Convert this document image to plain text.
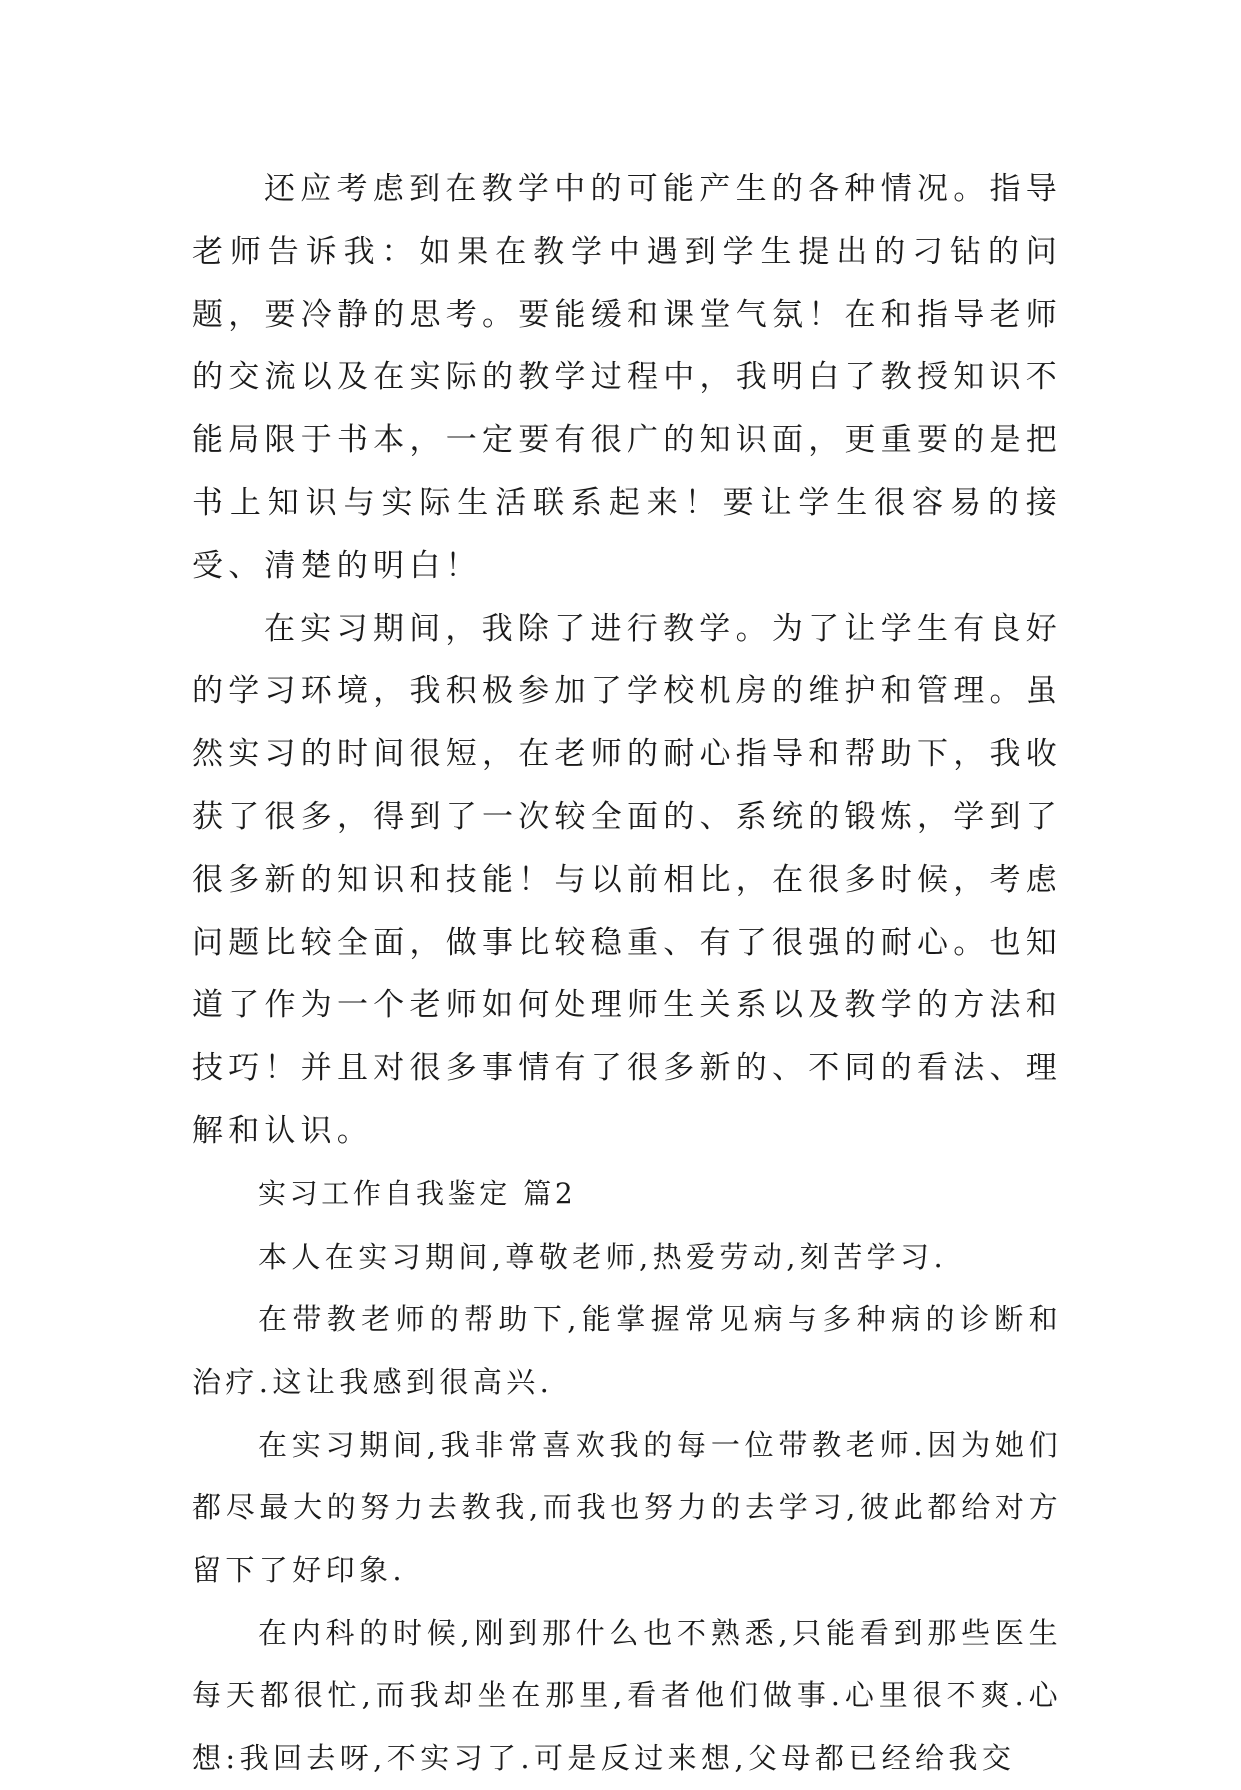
还应考虑到在教学中的可能产生的各种情况。指导老师告诉我：如果在教学中遇到学生提出的刁钻的问题，要冷静的思考。要能缓和课堂气氛！在和指导老师的交流以及在实际的教学过程中，我明白了教授知识不能局限于书本，一定要有很广的知识面，更重要的是把书上知识与实际生活联系起来！要让学生很容易的接受、清楚的明白！

在实习期间，我除了进行教学。为了让学生有良好的学习环境，我积极参加了学校机房的维护和管理。虽然实习的时间很短，在老师的耐心指导和帮助下，我收获了很多，得到了一次较全面的、系统的锻炼，学到了很多新的知识和技能！与以前相比，在很多时候，考虑问题比较全面，做事比较稳重、有了很强的耐心。也知道了作为一个老师如何处理师生关系以及教学的方法和技巧！并且对很多事情有了很多新的、不同的看法、理解和认识。

实习工作自我鉴定 篇2

本人在实习期间,尊敬老师,热爱劳动,刻苦学习.

在带教老师的帮助下,能掌握常见病与多种病的诊断和治疗.这让我感到很高兴.

在实习期间,我非常喜欢我的每一位带教老师.因为她们都尽最大的努力去教我,而我也努力的去学习,彼此都给对方留下了好印象.

在内科的时候,刚到那什么也不熟悉,只能看到那些医生每天都很忙,而我却坐在那里,看者他们做事.心里很不爽.心想:我回去呀,不实习了.可是反过来想,父母都已经给我交
